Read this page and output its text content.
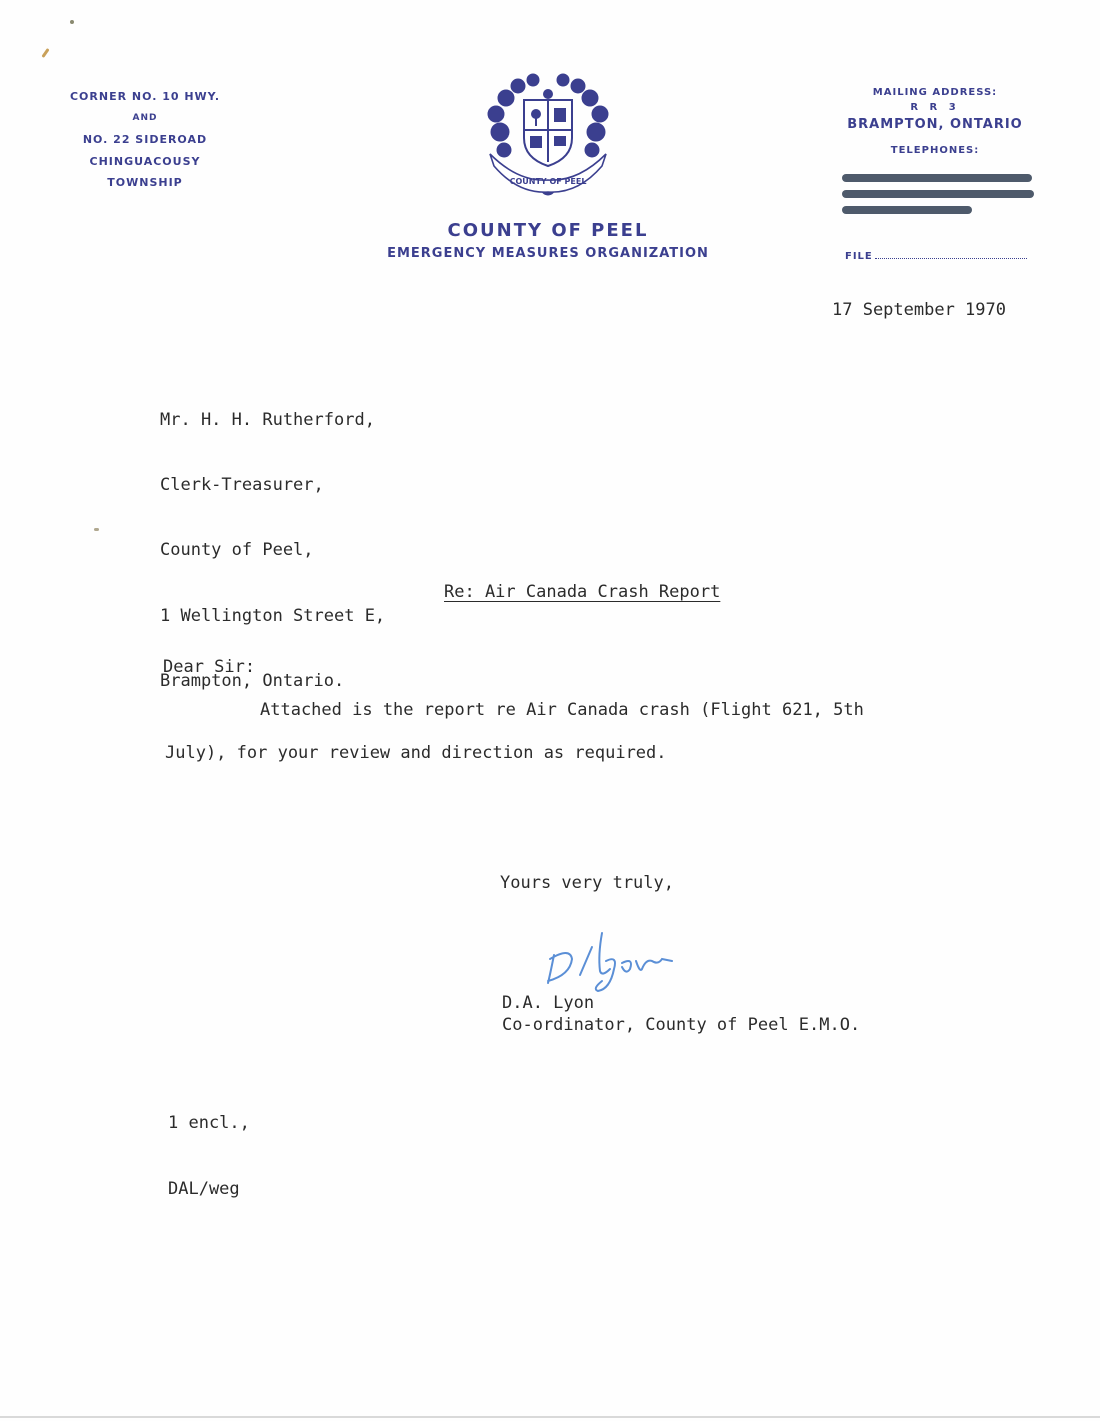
CORNER NO. 10 HWY.
AND
NO. 22 SIDEROAD
CHINGUACOUSY
TOWNSHIP	COUNTY OF PEEL
COUNTY OF PEEL
EMERGENCY MEASURES ORGANIZATION
MAILING ADDRESS:
R R 3
BRAMPTON, ONTARIO
TELEPHONES:
FILE
17 September 1970

Mr. H. H. Rutherford,

Clerk-Treasurer,

County of Peel,

1 Wellington Street E,

Brampton, Ontario.

Re: Air Canada Crash Report
Dear Sir:
Attached is the report re Air Canada crash (Flight 621, 5th
July), for your review and direction as required.
Yours very truly,
D.A. Lyon
Co-ordinator, County of Peel E.M.O.
1 encl.,
DAL/weg
